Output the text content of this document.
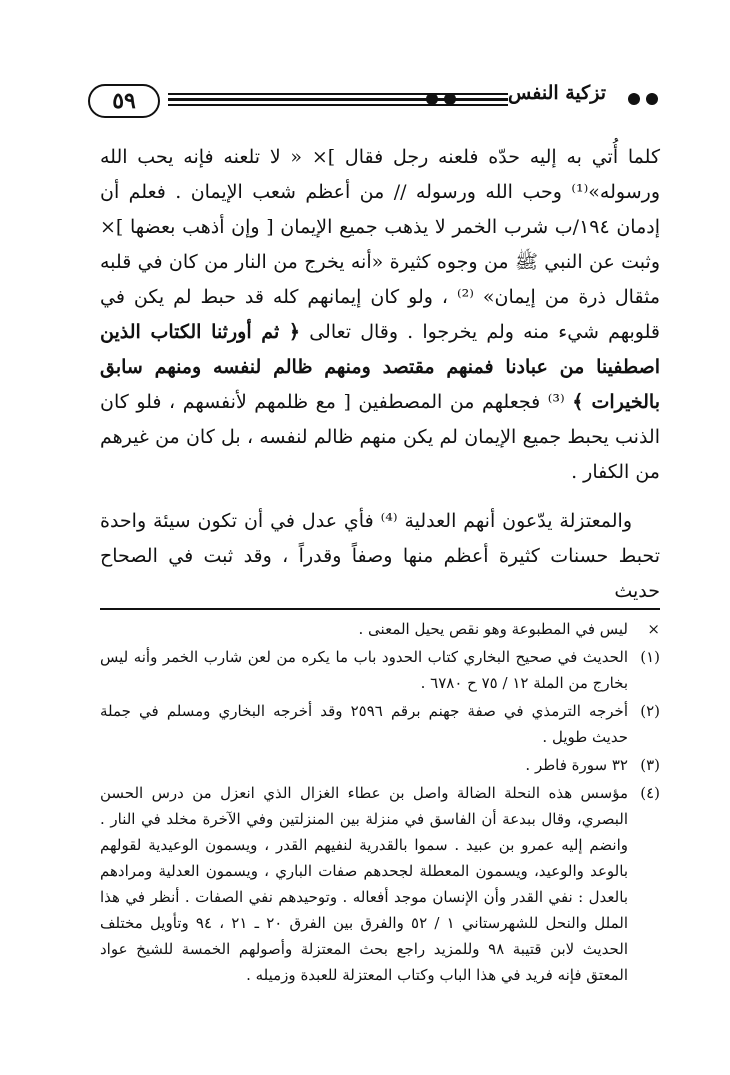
٥٩	تزكية النفس

كلما أُتي به إليه حدّه فلعنه رجل فقال ]× « لا تلعنه فإنه يحب الله ورسوله»⁽¹⁾ وحب الله ورسوله // من أعظم شعب الإيمان . فعلم أن إدمان ١٩٤/ب شرب الخمر لا يذهب جميع الإيمان [ وإن أذهب بعضها ]× وثبت عن النبي ﷺ من وجوه كثيرة «أنه يخرج من النار من كان في قلبه مثقال ذرة من إيمان» ⁽²⁾ ، ولو كان إيمانهم كله قد حبط لم يكن في قلوبهم شيء منه ولم يخرجوا . وقال تعالى ﴿ ثم أورثنا الكتاب الذين اصطفينا من عبادنا فمنهم مقتصد ومنهم ظالم لنفسه ومنهم سابق بالخيرات ﴾ ⁽³⁾ فجعلهم من المصطفين [ مع ظلمهم لأنفسهم ، فلو كان الذنب يحبط جميع الإيمان لم يكن منهم ظالم لنفسه ، بل كان من غيرهم من الكفار .

والمعتزلة يدّعون أنهم العدلية ⁽⁴⁾ فأي عدل في أن تكون سيئة واحدة تحبط حسنات كثيرة أعظم منها وصفاً وقدراً ، وقد ثبت في الصحاح حديث

×
ليس في المطبوعة وهو نقص يحيل المعنى .
(١)
الحديث في صحيح البخاري كتاب الحدود باب ما يكره من لعن شارب الخمر وأنه ليس بخارج من الملة ١٢ / ٧٥ ح ٦٧٨٠ .
(٢)
أخرجه الترمذي في صفة جهنم برقم ٢٥٩٦ وقد أخرجه البخاري ومسلم في جملة حديث طويل .
(٣)
٣٢ سورة فاطر .
(٤)
مؤسس هذه النحلة الضالة واصل بن عطاء الغزال الذي انعزل من درس الحسن البصري، وقال ببدعة أن الفاسق في منزلة بين المنزلتين وفي الآخرة مخلد في النار . وانضم إليه عمرو بن عبيد . سموا بالقدرية لنفيهم القدر ، ويسمون الوعيدية لقولهم بالوعد والوعيد، ويسمون المعطلة لجحدهم صفات الباري ، ويسمون العدلية ومرادهم بالعدل : نفي القدر وأن الإنسان موجد أفعاله . وتوحيدهم نفي الصفات . أنظر في هذا الملل والنحل للشهرستاني ١ / ٥٢ والفرق بين الفرق ٢٠ ـ ٢١ ، ٩٤ وتأويل مختلف الحديث لابن قتيبة ٩٨ وللمزيد راجع بحث المعتزلة وأصولهم الخمسة للشيخ عواد المعتق فإنه فريد في هذا الباب وكتاب المعتزلة للعبدة وزميله .
